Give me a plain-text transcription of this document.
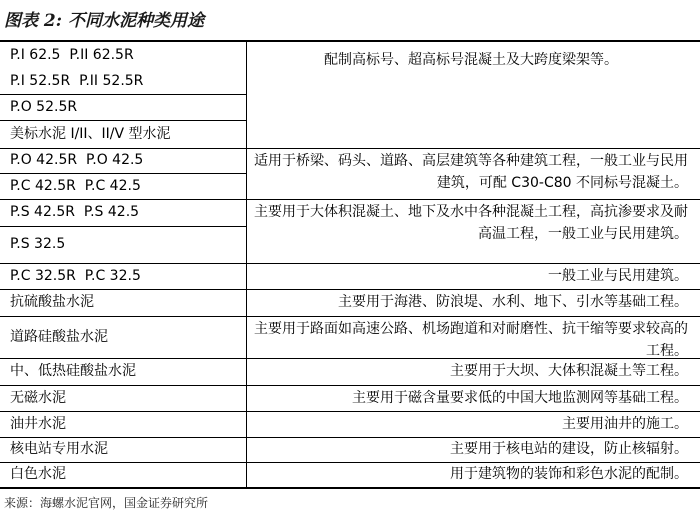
图表 2: 不同水泥种类用途
P.I 62.5  P.II 62.5R
P.I 52.5R  P.II 52.5R
P.O 52.5R
美标水泥 I/II、II/V 型水泥
P.O 42.5R  P.O 42.5
P.C 42.5R  P.C 42.5
P.S 42.5R  P.S 42.5
P.S 32.5
P.C 32.5R  P.C 32.5
抗硫酸盐水泥
道路硅酸盐水泥
中、低热硅酸盐水泥
无磁水泥
油井水泥
核电站专用水泥
白色水泥
配制高标号、超高标号混凝土及大跨度梁架等。
适用于桥梁、码头、道路、高层建筑等各种建筑工程，一般工业与民用建筑，可配 C30-C80 不同标号混凝土。
主要用于大体积混凝土、地下及水中各种混凝土工程，高抗渗要求及耐高温工程，一般工业与民用建筑。
一般工业与民用建筑。
主要用于海港、防浪堤、水利、地下、引水等基础工程。
主要用于路面如高速公路、机场跑道和对耐磨性、抗干缩等要求较高的工程。
主要用于大坝、大体积混凝土等工程。
主要用于磁含量要求低的中国大地监测网等基础工程。
主要用油井的施工。
主要用于核电站的建设，防止核辐射。
用于建筑物的装饰和彩色水泥的配制。
来源：海螺水泥官网，国金证券研究所
